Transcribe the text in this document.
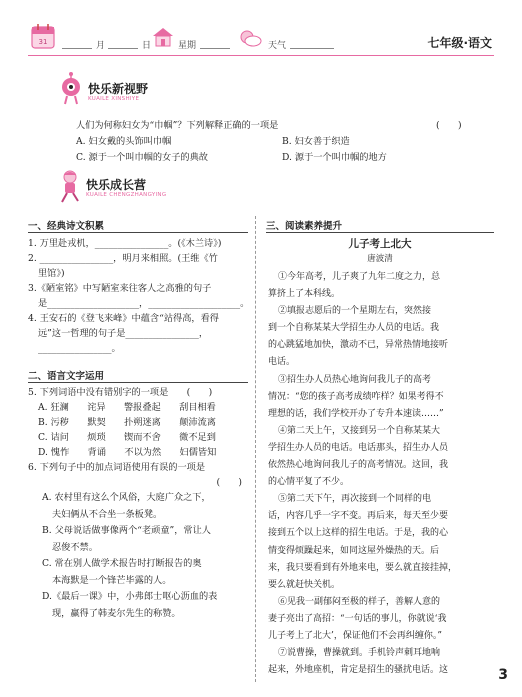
31	月	日	星期	天气	七年级·语文
快乐新视野
KUAILE XINSHIYE
人们为何称妇女为“巾帼”？下列解释正确的一项是	(　　)
A. 妇女戴的头饰叫巾帼	B. 妇女善于织造
C. 源于一个叫巾帼的女子的典故	D. 源于一个叫巾帼的地方
快乐成长营
KUAILE CHENGZHANGYING
一、经典诗文积累
1. 万里赴戎机，________________。(《木兰诗》)
2. ________________，明月来相照。(王维《竹
里馆》)
3.《陋室铭》中写陋室来往客人之高雅的句子
是____________________，____________________。
4. 王安石的《登飞来峰》中蕴含“站得高，看得
远”这一哲理的句子是________________，
________________。
二、语言文字运用
5. 下列词语中没有错别字的一项是　　(　　)
A. 狂澜　　诧异　　警报叠起　　刮目相看
B. 污秽　　默契　　扑朔迷离　　颠沛流离
C. 诘问　　烦琐　　锲而不舍　　微不足到
D. 愧怍　　背诵　　不以为然　　妇儒皆知
6. 下列句子中的加点词语使用有误的一项是
(　　)
A. 农村里有这么个风俗，大庭广众之下，
夫妇俩从不合坐一条板凳。
B. 父母说话做事像两个“老顽童”，常让人
忍俊不禁。
C. 常在别人做学术报告时打断报告的奥
本海默是一个锋芒毕露的人。
D.《最后一课》中，小弗郎士呕心沥血的表
现，赢得了韩麦尔先生的称赞。
三、阅读素养提升
儿子考上北大
唐波清
①今年高考，儿子爽了九年二度之力，总
算挤上了本科线。
②填报志愿后的一个星期左右，突然接
到一个自称某某大学招生办人员的电话。我
的心跳猛地加快，激动不已，异常热情地接听
电话。
③招生办人员热心地询问我儿子的高考
情况：“您的孩子高考成绩咋样？如果考得不
理想的话，我们学校开办了专升本速读……”
④第二天上午，又接到另一个自称某某大
学招生办人员的电话。电话那头，招生办人员
依然热心地询问我儿子的高考情况。这回，我
的心情平复了不少。
⑤第二天下午，再次接到一个同样的电
话，内容几乎一字不变。再后来，每天至少要
接到五个以上这样的招生电话。于是，我的心
情变得烦躁起来，如同这屋外燥热的天。后
来，我只要看到有外地来电，要么就直接挂掉，
要么就赶快关机。
⑥见我一副郁闷至极的样子，善解人意的
妻子亮出了高招：“一句话的事儿，你就说‘我
儿子考上了北大’，保证他们不会再纠缠你。”
⑦说曹操，曹操就到。手机铃声刺耳地响
起来，外地座机，肯定是招生的骚扰电话。这	3
